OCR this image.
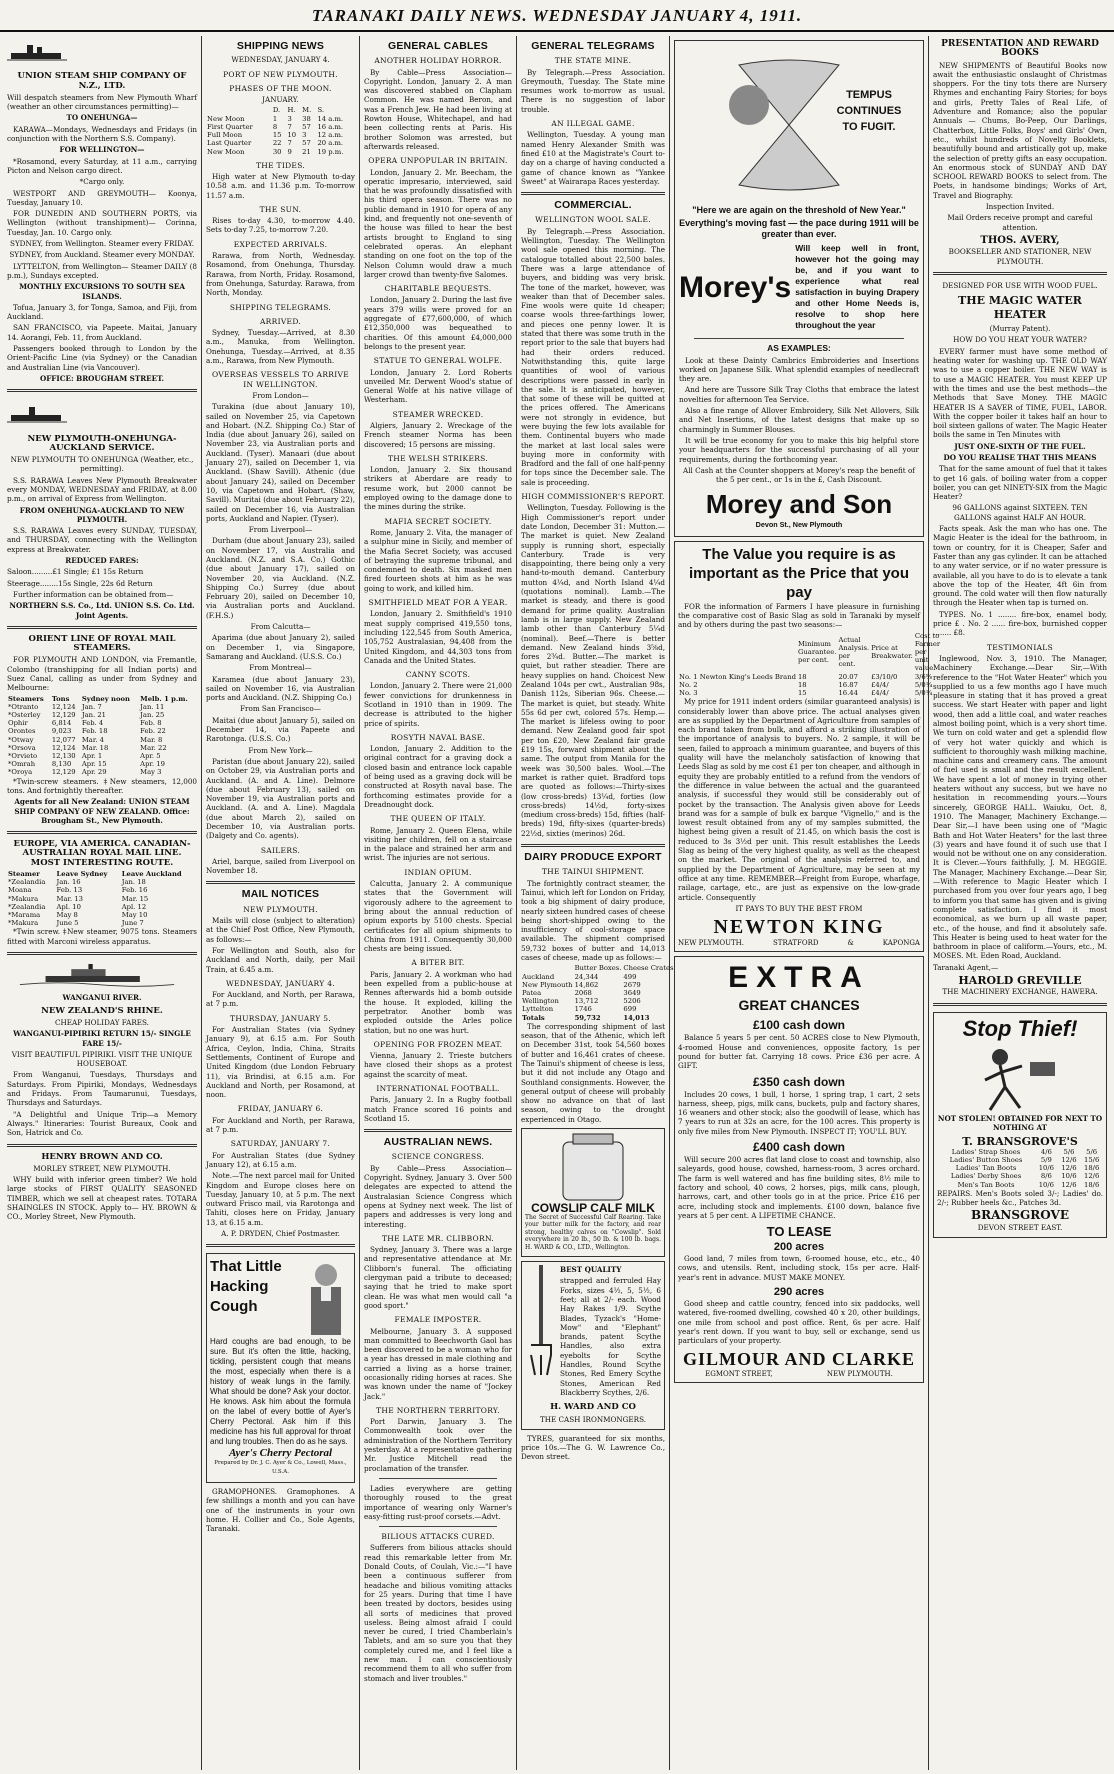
TARANAKI DAILY NEWS. WEDNESDAY JANUARY 4, 1911.
UNION STEAM SHIP COMPANY OF N.Z., LTD.

Will despatch steamers from New Plymouth Wharf (weather an other circumstances permitting)—

TO ONEHUNGA—

KARAWA—Mondays, Wednesdays and Fridays (in conjunction with the Northern S.S. Company).

FOR WELLINGTON—

*Rosamond, every Saturday, at 11 a.m., carrying Picton and Nelson cargo direct.

*Cargo only.

WESTPORT AND GREYMOUTH— Koonya, Tuesday, January 10.

FOR DUNEDIN AND SOUTHERN PORTS, via Wellington (without transhipment)— Corinna, Tuesday, Jan. 10. Cargo only.

SYDNEY, from Wellington. Steamer every FRIDAY.

SYDNEY, from Auckland. Steamer every MONDAY.

LYTTELTON, from Wellington— Steamer DAILY (8 p.m.), Sundays excepted.

MONTHLY EXCURSIONS TO SOUTH SEA ISLANDS.

Tofua, January 3, for Tonga, Samoa, and Fiji, from Auckland.

SAN FRANCISCO, via Papeete. Maitai, January 14. Aorangi, Feb. 11, from Auckland.

Passengers booked through to London by the Orient-Pacific Line (via Sydney) or the Canadian and Australian Line (via Vancouver).

OFFICE: BROUGHAM STREET.

NEW PLYMOUTH-ONEHUNGA-AUCKLAND SERVICE.

NEW PLYMOUTH TO ONEHUNGA (Weather, etc., permitting).

S.S. RARAWA Leaves New Plymouth Breakwater every MONDAY, WEDNESDAY and FRIDAY, at 8.00 p.m., on arrival of Express from Wellington.

FROM ONEHUNGA-AUCKLAND TO NEW PLYMOUTH.

S.S. RARAWA Leaves every SUNDAY, TUESDAY, and THURSDAY, connecting with the Wellington express at Breakwater.

REDUCED FARES:

Saloon.........£1 Single; £1 15s Return

Steerage........15s Single, 22s 6d Return

Further information can be obtained from—

NORTHERN S.S. Co., Ltd. UNION S.S. Co. Ltd. Joint Agents.

ORIENT LINE OF ROYAL MAIL STEAMERS.

FOR PLYMOUTH AND LONDON, via Fremantle, Colombo (transhipping for all Indian ports) and Suez Canal, calling as under from Sydney and Melbourne:

Steamers	Tons	Sydney noon	Melb. 1 p.m.
*Otranto	12,124	Jan. 7	Jan. 11
*Osterley	12,129	Jan. 21	Jan. 25
Ophir	6,814	Feb. 4	Feb. 8
Orontes	9,023	Feb. 18	Feb. 22
*Otway	12,077	Mar. 4	Mar. 8
*Orsova	12,124	Mar. 18	Mar. 22
*Orvieto	12,130	Apr. 1	Apr. 5
*Omrah	8,130	Apr. 15	Apr. 19
*Oroya	12,129	Apr. 29	May 3

*Twin-screw steamers. ‡New steamers, 12,000 tons. And fortnightly thereafter.

Agents for all New Zealand: UNION STEAM SHIP COMPANY OF NEW ZEALAND. Office: Brougham St., New Plymouth.

EUROPE, VIA AMERICA. CANADIAN-AUSTRALIAN ROYAL MAIL LINE. MOST INTERESTING ROUTE.
Steamer	Leave Sydney	Leave Auckland
*Zealandia	Jan. 16	Jan. 18
Moana	Feb. 13	Feb. 16
*Makura	Mar. 13	Mar. 15
*Zealandia	Apl. 10	Apl. 12
*Marama	May 8	May 10
*Makura	June 5	June 7

*Twin screw. ‡New steamer, 9075 tons. Steamers fitted with Marconi wireless apparatus.

WANGANUI RIVER.

NEW ZEALAND'S RHINE.

CHEAP HOLIDAY FARES.

WANGANUI-PIPIRIKI RETURN 15/- SINGLE FARE 15/-

VISIT BEAUTIFUL PIPIRIKI. VISIT THE UNIQUE HOUSEBOAT.

From Wanganui, Tuesdays, Thursdays and Saturdays. From Pipiriki, Mondays, Wednesdays and Fridays. From Taumarunui, Tuesdays, Thursdays and Saturdays.

"A Delightful and Unique Trip—a Memory Always." Itineraries: Tourist Bureaux, Cook and Son, Hatrick and Co.

HENRY BROWN AND CO.

MORLEY STREET, NEW PLYMOUTH.

WHY build with inferior green timber? We hold large stocks of FIRST QUALITY SEASONED TIMBER, which we sell at cheapest rates. TOTARA SHAINGLES IN STOCK. Apply to— HY. BROWN & CO., Morley Street, New Plymouth.

SHIPPING NEWS

WEDNESDAY, JANUARY 4.

PORT OF NEW PLYMOUTH.
PHASES OF THE MOON.

JANUARY.

	D.	H.	M.	S.
New Moon	1	3	38	14 a.m.
First Quarter	8	7	57	16 a.m.
Full Moon	15	10	3	12 a.m.
Last Quarter	22	7	57	20 a.m.
New Moon	30	9	21	19 p.m.
THE TIDES.

High water at New Plymouth to-day 10.58 a.m. and 11.36 p.m. To-morrow 11.57 a.m.

THE SUN.

Rises to-day 4.30, to-morrow 4.40. Sets to-day 7.25, to-morrow 7.20.

EXPECTED ARRIVALS.

Rarawa, from North, Wednesday. Rosamond, from Onehunga, Thursday. Rarawa, from North, Friday. Rosamond, from Onehunga, Saturday. Rarawa, from North, Monday.

SHIPPING TELEGRAMS.
ARRIVED.

Sydney, Tuesday.—Arrived, at 8.30 a.m., Manuka, from Wellington. Onehunga, Tuesday.—Arrived, at 8.35 a.m., Rarawa, from New Plymouth.

OVERSEAS VESSELS TO ARRIVE IN WELLINGTON.

From London—

Turakina (due about January 10), sailed on November 25, via Capetown and Hobart. (N.Z. Shipping Co.) Star of India (due about January 26), sailed on November 23, via Australian ports and Auckland. (Tyser). Manaari (due about January 27), sailed on December 1, via Auckland. (Shaw Savill). Athenic (due about January 24), sailed on December 10, via Capetown and Hobart. (Shaw, Savill). Muritai (due about February 22), sailed on December 16, via Australian ports, Auckland and Napier. (Tyser).

From Liverpool—

Durham (due about January 23), sailed on November 17, via Australia and Auckland. (N.Z. and S.A. Co.) Gothic (due about January 17), sailed on November 20, via Auckland. (N.Z. Shipping Co.) Surrey (due about February 20), sailed on December 10, via Australian ports and Auckland. (F.H.S.)

From Calcutta—

Aparima (due about January 2), sailed on December 1, via Singapore, Samarang and Auckland. (U.S.S. Co.)

From Montreal—

Karamea (due about January 23), sailed on November 16, via Australian ports and Auckland. (N.Z. Shipping Co.)

From San Francisco—

Maitai (due about January 5), sailed on December 14, via Papeete and Rarotonga. (U.S.S. Co.)

From New York—

Paristan (due about January 22), sailed on October 29, via Australian ports and Auckland. (A. and A. Line). Delmore (due about February 13), sailed on November 19, via Australian ports and Auckland. (A. and A. Line). Magdala (due about March 2), sailed on December 10, via Australian ports. (Dalgety and Co. agents).

SAILERS.

Ariel, barque, sailed from Liverpool on November 18.

MAIL NOTICES
NEW PLYMOUTH.

Mails will close (subject to alteration) at the Chief Post Office, New Plymouth, as follows:—

For Wellington and South, also for Auckland and North, daily, per Mail Train, at 6.45 a.m.

WEDNESDAY, JANUARY 4.

For Auckland, and North, per Rarawa, at 7 p.m.

THURSDAY, JANUARY 5.

For Australian States (via Sydney January 9), at 6.15 a.m. For South Africa, Ceylon, India, China, Straits Settlements, Continent of Europe and United Kingdom (due London February 11), via Brindisi, at 6.15 a.m. For Auckland and North, per Rosamond, at noon.

FRIDAY, JANUARY 6.

For Auckland and North, per Rarawa, at 7 p.m.

SATURDAY, JANUARY 7.

For Australian States (due Sydney January 12), at 6.15 a.m.

Note.—The next parcel mail for United Kingdom and Europe closes here on Tuesday, January 10, at 5 p.m. The next outward Frisco mail, via Rarotonga and Tahiti, closes here on Friday, January 13, at 6.15 a.m.

A. P. DRYDEN, Chief Postmaster.

That Little Hacking Cough

Hard coughs are bad enough, to be sure. But it's often the little, hacking, tickling, persistent cough that means the most, especially when there is a history of weak lungs in the family. What should be done? Ask your doctor. He knows. Ask him about the formula on the label of every bottle of Ayer's Cherry Pectoral. Ask him if this medicine has his full approval for throat and lung troubles. Then do as he says.

Ayer's Cherry Pectoral

Prepared by Dr. J. C. Ayer & Co., Lowell, Mass., U.S.A.

GRAMOPHONES. Gramophones. A few shillings a month and you can have one of the instruments in your own home. H. Collier and Co., Sole Agents, Taranaki.

GENERAL CABLES
ANOTHER HOLIDAY HORROR.

By Cable—Press Association—Copyright. London, January 2. A man was discovered stabbed on Clapham Common. He was named Beron, and was a French Jew. He had been living at Rowton House, Whitechapel, and had been collecting rents at Paris. His brother Solomon was arrested, but afterwards released.

OPERA UNPOPULAR IN BRITAIN.

London, January 2. Mr. Beecham, the operatic impresario, interviewed, said that he was profoundly dissatisfied with his third opera season. There was no public demand in 1910 for opera of any kind, and frequently not one-seventh of the house was filled to hear the best artists brought to England to sing celebrated operas. An elephant standing on one foot on the top of the Nelson Column would draw a much larger crowd than twenty-five Salomes.

CHARITABLE BEQUESTS.

London, January 2. During the last five years 379 wills were proved for an aggregate of £77,600,000, of which £12,350,000 was bequeathed to charities. Of this amount £4,000,000 belongs to the present year.

STATUE TO GENERAL WOLFE.

London, January 2. Lord Roberts unveiled Mr. Derwent Wood's statue of General Wolfe at his native village of Westerham.

STEAMER WRECKED.

Algiers, January 2. Wreckage of the French steamer Norma has been discovered; 15 persons are missing.

THE WELSH STRIKERS.

London, January 2. Six thousand strikers at Aberdare are ready to resume work, but 2000 cannot be employed owing to the damage done to the mines during the strike.

MAFIA SECRET SOCIETY.

Rome, January 2. Vita, the manager of a sulphur mine in Sicily, and member of the Mafia Secret Society, was accused of betraying the supreme tribunal, and condemned to death. Six masked men fired fourteen shots at him as he was going to work, and killed him.

SMITHFIELD MEAT FOR A YEAR.

London, January 2. Smithfield's 1910 meat supply comprised 419,550 tons, including 122,545 from South America, 105,752 Australasian, 94,408 from the United Kingdom, and 44,303 tons from Canada and the United States.

CANNY SCOTS.

London, January 2. There were 21,000 fewer convictions for drunkenness in Scotland in 1910 than in 1909. The decrease is attributed to the higher price of spirits.

ROSYTH NAVAL BASE.

London, January 2. Addition to the original contract for a graving dock a closed basin and entrance lock capable of being used as a graving dock will be constructed at Rosyth naval base. The forthcoming estimates provide for a Dreadnought dock.

THE QUEEN OF ITALY.

Rome, January 2. Queen Elena, while visiting her children, fell on a staircase in the palace and strained her arm and wrist. The injuries are not serious.

INDIAN OPIUM.

Calcutta, January 2. A communique states that the Government will vigorously adhere to the agreement to bring about the annual reduction of opium exports by 5100 chests. Special certificates for all opium shipments to China from 1911. Consequently 30,000 chests are being issued.

A BITER BIT.

Paris, January 2. A workman who had been expelled from a public-house at Rennes afterwards hid a bomb outside the house. It exploded, killing the perpetrator. Another bomb was exploded outside the Arles police station, but no one was hurt.

OPENING FOR FROZEN MEAT.

Vienna, January 2. Trieste butchers have closed their shops as a protest against the scarcity of meat.

INTERNATIONAL FOOTBALL.

Paris, January 2. In a Rugby football match France scored 16 points and Scotland 15.

AUSTRALIAN NEWS.
SCIENCE CONGRESS.

By Cable—Press Association—Copyright. Sydney, January 3. Over 500 delegates are expected to attend the Australasian Science Congress which opens at Sydney next week. The list of papers and addresses is very long and interesting.

THE LATE MR. CLIBBORN.

Sydney, January 3. There was a large and representative attendance at Mr. Clibborn's funeral. The officiating clergyman paid a tribute to deceased; saying that he tried to make sport clean. He was what men would call "a good sport."

FEMALE IMPOSTER.

Melbourne, January 3. A supposed man committed to Beechworth Gaol has been discovered to be a woman who for a year has dressed in male clothing and carried a living as a horse trainer, occasionally riding horses at races. She was known under the name of "Jockey Jack."

THE NORTHERN TERRITORY.

Port Darwin, January 3. The Commonwealth took over the administration of the Northern Territory yesterday. At a representative gathering Mr. Justice Mitchell read the proclamation of the transfer.

Ladies everywhere are getting thoroughly roused to the great importance of wearing only Warner's easy-fitting rust-proof corsets.—Advt.

BILIOUS ATTACKS CURED.

Sufferers from bilious attacks should read this remarkable letter from Mr. Donald Couts, of Coulah, Vic.:—"I have been a continuous sufferer from headache and bilious vomiting attacks for 25 years. During that time I have been treated by doctors, besides using all sorts of medicines that proved useless. Being almost afraid I could never be cured, I tried Chamberlain's Tablets, and am so sure you that they completely cured me, and I feel like a new man. I can conscientiously recommend them to all who suffer from stomach and liver troubles."

GENERAL TELEGRAMS
THE STATE MINE.

By Telegraph.—Press Association. Greymouth, Tuesday. The State mine resumes work to-morrow as usual. There is no suggestion of labor trouble.

AN ILLEGAL GAME.

Wellington, Tuesday. A young man named Henry Alexander Smith was fined £10 at the Magistrate's Court to-day on a charge of having conducted a game of chance known as "Yankee Sweet" at Wairarapa Races yesterday.

COMMERCIAL.
WELLINGTON WOOL SALE.

By Telegraph.—Press Association. Wellington, Tuesday. The Wellington wool sale opened this morning. The catalogue totalled about 22,500 bales. There was a large attendance of buyers, and bidding was very brisk. The tone of the market, however, was weaker than that of December sales. Fine wools were quite 1d cheaper; coarse wools three-farthings lower, and pieces one penny lower. It is stated that there was some truth in the report prior to the sale that buyers had had their orders reduced. Notwithstanding this, quite large quantities of wool of various descriptions were passed in early in the sale. It is anticipated, however, that some of these will be quitted at the prices offered. The Americans were not strongly in evidence, but were buying the few lots available for them. Continental buyers who made the market at last local sales were buying more in conformity with Bradford and the fall of one half-penny for tops since the December sale. The sale is proceeding.

HIGH COMMISSIONER'S REPORT.

Wellington, Tuesday. Following is the High Commissioner's report under date London, December 31: Mutton.—The market is quiet. New Zealand supply is running short, especially Canterbury. Trade is very disappointing, there being only a very hand-to-mouth demand. Canterbury mutton 4¼d, and North Island 4¼d (quotations nominal). Lamb.—The market is steady, and there is good demand for prime quality. Australian lamb is in large supply. New Zealand lamb other than Canterbury 5¼d (nominal). Beef.—There is better demand. New Zealand hinds 3⅝d, fores 2¾d. Butter.—The market is quiet, but rather steadier. There are heavy supplies on hand. Choicest New Zealand 104s per cwt., Australian 98s, Danish 112s, Siberian 96s. Cheese.—The market is quiet, but steady. White 55s 6d per cwt, colored 57s. Hemp.—The market is lifeless owing to poor demand. New Zealand good fair spot per ton £20, New Zealand fair grade £19 15s, forward shipment about the same. The output from Manila for the week was 30,500 bales. Wool.—The market is rather quiet. Bradford tops are quoted as follows:—Thirty-sixes (low cross-breds) 13¼d, forties (low cross-breds) 14½d, forty-sixes (medium cross-breds) 15d, fifties (half-breds) 19d, fifty-sixes (quarter-breds) 22½d, sixties (merinos) 26d.

DAIRY PRODUCE EXPORT
THE TAINUI SHIPMENT.

The fortnightly contract steamer, the Tainui, which left for London on Friday, took a big shipment of dairy produce, nearly sixteen hundred cases of cheese being short-shipped owing to the insufficiency of cool-storage space available. The shipment comprised 59,732 boxes of butter and 14,013 cases of cheese, made up as follows:—

	Butter Boxes.	Cheese Crates.
Auckland	24,344	499
New Plymouth	14,862	2679
Patea	2068	3649
Wellington	13,712	5206
Lyttelton	1746	699
Totals	59,732	14,013

The corresponding shipment of last season, that of the Athenic, which left on December 31st, took 54,560 boxes of butter and 16,461 crates of cheese. The Tainui's shipment of cheese is less, but it did not include any Otago and Southland consignments. However, the general output of cheese will probably show no advance on that of last season, owing to the drought experienced in Otago.

COWSLIP CALF MILK

The Secret of Successful Calf Rearing. Take your butter milk for the factory, and rear strong, healthy calves on "Cowslip". Sold everywhere in 20 lb., 50 lb. & 100 lb. bags. H. WARD & CO., LTD., Wellington.

BEST QUALITY

strapped and ferruled Hay Forks, sizes 4½, 5, 5½, 6 feet; all at 2/- each. Wood Hay Rakes 1/9. Scythe Blades, Tyzack's "Home-Mow" and "Elephant" brands, patent Scythe Handles, also extra eyebolts for Scythe Handles, Round Scythe Stones, Red Emery Scythe Stones, American Red Blackberry Scythes, 2/6.

H. WARD AND CO

THE CASH IRONMONGERS.

TYRES, guaranteed for six months, price 10s.—The G. W. Lawrence Co., Devon street.

TEMPUS CONTINUES TO FUGIT.

"Here we are again on the threshold of New Year."

Everything's moving fast — the pace during 1911 will be greater than ever.

Morey's

Will keep well in front, however hot the going may be, and if you want to experience what real satisfaction in buying Drapery and other Home Needs is, resolve to shop here throughout the year

AS EXAMPLES:

Look at these Dainty Cambrics Embroideries and Insertions worked on Japanese Silk. What splendid examples of needlecraft they are.

And here are Tussore Silk Tray Cloths that embrace the latest novelties for afternoon Tea Service.

Also a fine range of Allover Embroidery, Silk Net Allovers, Silk and Net Insertions, of the latest designs that make up so charmingly in Summer Blouses.

It will be true economy for you to make this big helpful store your headquarters for the successful purchasing of all your requirements, during the forthcoming year.

All Cash at the Counter shoppers at Morey's reap the benefit of the 5 per cent., or 1s in the £, Cash Discount.

Morey and Son

Devon St., New Plymouth

The Value you require is as important as the Price that you pay

FOR the information of Farmers I have pleasure in furnishing the comparative cost of Basic Slag as sold in Taranaki by myself and by others during the past two seasons:—

	Minimum Guarantee. per cent.	Actual Analysis. per cent.	Price at Breakwater.	Cost to Farmer per unit value.
No. 1 Newton King's Leeds Brand	18	20.07	£3/10/0	3/6⅝
No. 2	18	16.87	£4/4/	5/0¼
No. 3	15	16.44	£4/4/	5/0¼

My price for 1911 indent orders (similar guaranteed analysis) is considerably lower than above price. The actual analyses given are as supplied by the Department of Agriculture from samples of each brand taken from bulk, and afford a striking illustration of the importance of analysis to buyers. No. 2 sample, it will be seen, failed to approach a minimum guarantee, and buyers of this quality will have the melancholy satisfaction of knowing that Leeds Slag as sold by me cost £1 per ton cheaper, and although in equity they are probably entitled to a refund from the vendors of the difference in value between the actual and the guaranteed analysis, if successful they would still be considerably out of pocket by the transaction. The Analysis given above for Leeds brand was for a sample of bulk ex barque "Vignello," and is the lowest result obtained from any of my samples submitted, the highest being given a result of 21.45, on which basis the cost is reduced to 3s 3½d per unit. This result establishes the Leeds Slag as being of the very highest quality, as well as the cheapest on the market. The original of the analysis referred to, and supplied by the Department of Agriculture, may be seen at my office at any time. REMEMBER—Freight from Europe, wharfage, railage, cartage, etc., are just as expensive on the low-grade article. Consequently

IT PAYS TO BUY THE BEST FROM

NEWTON KING
NEW PLYMOUTH.	STRATFORD	&	KAPONGA
EXTRA
GREAT CHANCES
£100 cash down

Balance 5 years 5 per cent. 50 ACRES close to New Plymouth, 4-roomed House and conveniences, opposite factory, 1s per pound for butter fat. Carrying 18 cows. Price £36 per acre. A GIFT.

£350 cash down

Includes 20 cows, 1 bull, 1 horse, 1 spring trap, 1 cart, 2 sets harness, sheep, pigs, milk cans, buckets, pulp and factory shares, 16 weaners and other stock; also the goodwill of lease, which has 7 years to run at 32s an acre, for the 100 acres. This property is only five miles from New Plymouth. INSPECT IT; YOU'LL BUY.

£400 cash down

Will secure 200 acres flat land close to coast and township, also saleyards, good house, cowshed, harness-room, 3 acres orchard. The farm is well watered and has fine building sites, 8½ mile to factory and school, 40 cows, 2 horses, pigs, milk cans, plough, harrows, cart, and other tools go in at the price. Price £16 per acre, including stock and implements. £100 down, balance five years at 5 per cent. A LIFETIME CHANCE.

TO LEASE
200 acres

Good land, 7 miles from town, 6-roomed house, etc., etc., 40 cows, and utensils. Rent, including stock, 15s per acre. Half-year's rent in advance. MUST MAKE MONEY.

290 acres

Good sheep and cattle country, fenced into six paddocks, well watered, five-roomed dwelling, cowshed 40 x 20, other buildings, one mile from school and post office. Rent, 6s per acre. Half year's rent down. If you want to buy, sell or exchange, send us particulars of your property.

GILMOUR AND CLARKE
EGMONT STREET,	NEW PLYMOUTH.
PRESENTATION AND REWARD BOOKS

NEW SHIPMENTS of Beautiful Books now await the enthusiastic onslaught of Christmas shoppers. For the tiny tots there are Nursery Rhymes and enchanting Fairy Stories; for boys and girls, Pretty Tales of Real Life, of Adventure and Romance; also the popular Annuals — Chums, Bo-Peep, Our Darlings, Chatterbox, Little Folks, Boys' and Girls' Own, etc., whilst hundreds of Novelty Booklets, beautifully bound and artistically got up, make the selection of pretty gifts an easy occupation. An enormous stock of SUNDAY AND DAY SCHOOL REWARD BOOKS to select from. The Poets, in handsome bindings; Works of Art, Travel and Biography.

Inspection Invited.

Mail Orders receive prompt and careful attention.

THOS. AVERY,

BOOKSELLER AND STATIONER, NEW PLYMOUTH.

DESIGNED FOR USE WITH WOOD FUEL.

THE MAGIC WATER HEATER

(Murray Patent).

HOW DO YOU HEAT YOUR WATER?

EVERY farmer must have some method of heating water for washing up. THE OLD WAY was to use a copper boiler. THE NEW WAY is to use a MAGIC HEATER. You must KEEP UP with the times and use the best methods—the Methods that Save Money. THE MAGIC HEATER IS A SAVER of TIME, FUEL, LABOR. With the copper boiler it takes half an hour to boil sixteen gallons of water. The Magic Heater boils the same in Ten Minutes with

JUST ONE-SIXTH OF THE FUEL.

DO YOU REALISE THAT THIS MEANS

That for the same amount of fuel that it takes to get 16 gals. of boiling water from a copper boiler, you can get NINETY-SIX from the Magic Heater?

96 GALLONS against SIXTEEN. TEN GALLONS against HALF AN HOUR.

Facts speak. Ask the man who has one. The Magic Heater is the ideal for the bathroom, in town or country, for it is Cheaper, Safer and Faster than any gas cylinder. It can be attached to any water service, or if no water pressure is available, all you have to do is to elevate a tank above the top of the Heater, 4ft 6in from ground. The cold water will then flow naturally through the Heater when tap is turned on.

TYPES. No. 1 ........ fire-box, enamel body, price £ . No. 2 ...... fire-box, burnished copper ........ £8.

TESTIMONIALS

Inglewood, Nov. 3, 1910. The Manager, Machinery Exchange.—Dear Sir,—With reference to the "Hot Water Heater" which you supplied to us a few months ago I have much pleasure in stating that it has proved a great success. We start Heater with paper and light wood, then add a little coal, and water reaches almost boiling point, which is a very short time. We turn on cold water and get a splendid flow of very hot water quickly and which is sufficient to thoroughly wash milking machine, machine cans and creamery cans. The amount of fuel used is small and the result excellent. We have spent a lot of money in trying other heaters without any success, but we have no hesitation in recommending yours.—Yours sincerely, GEORGE HALL. Waiuku, Oct. 8, 1910. The Manager, Machinery Exchange.—Dear Sir,—I have been using one of "Magic Bath and Hot Water Heaters" for the last three (3) years and have found it of such use that I would not be without one on any consideration. It is Clever.—Yours faithfully, J. M. HEGGIE. The Manager, Machinery Exchange.—Dear Sir,—With reference to Magic Heater which I purchased from you over four years ago, I beg to inform you that same has given and is giving complete satisfaction. I find it most economical, as we burn up all waste paper, etc., of the house, and find it absolutely safe. This Heater is being used to heat water for the bathroom in place of caliform.—Yours, etc., M. MOSES. Mt. Eden Road, Auckland.

Taranaki Agent,—

HAROLD GREVILLE

THE MACHINERY EXCHANGE, HAWERA.

Stop Thief!

NOT STOLEN! OBTAINED FOR NEXT TO NOTHING AT

T. BRANSGROVE'S
Ladies' Strap Shoes	4/6	5/6	5/6
Ladies' Button Shoes	5/9	12/6	15/6
Ladies' Tan Boots	10/6	12/6	18/6
Ladies' Derby Shoes	8/6	10/6	12/6
Men's Tan Boots	10/6	12/6	18/6

REPAIRS. Men's Boots soled 3/-; Ladies' do. 2/-; Rubber heels &c., Patches 3d.

BRANSGROVE

DEVON STREET EAST.
